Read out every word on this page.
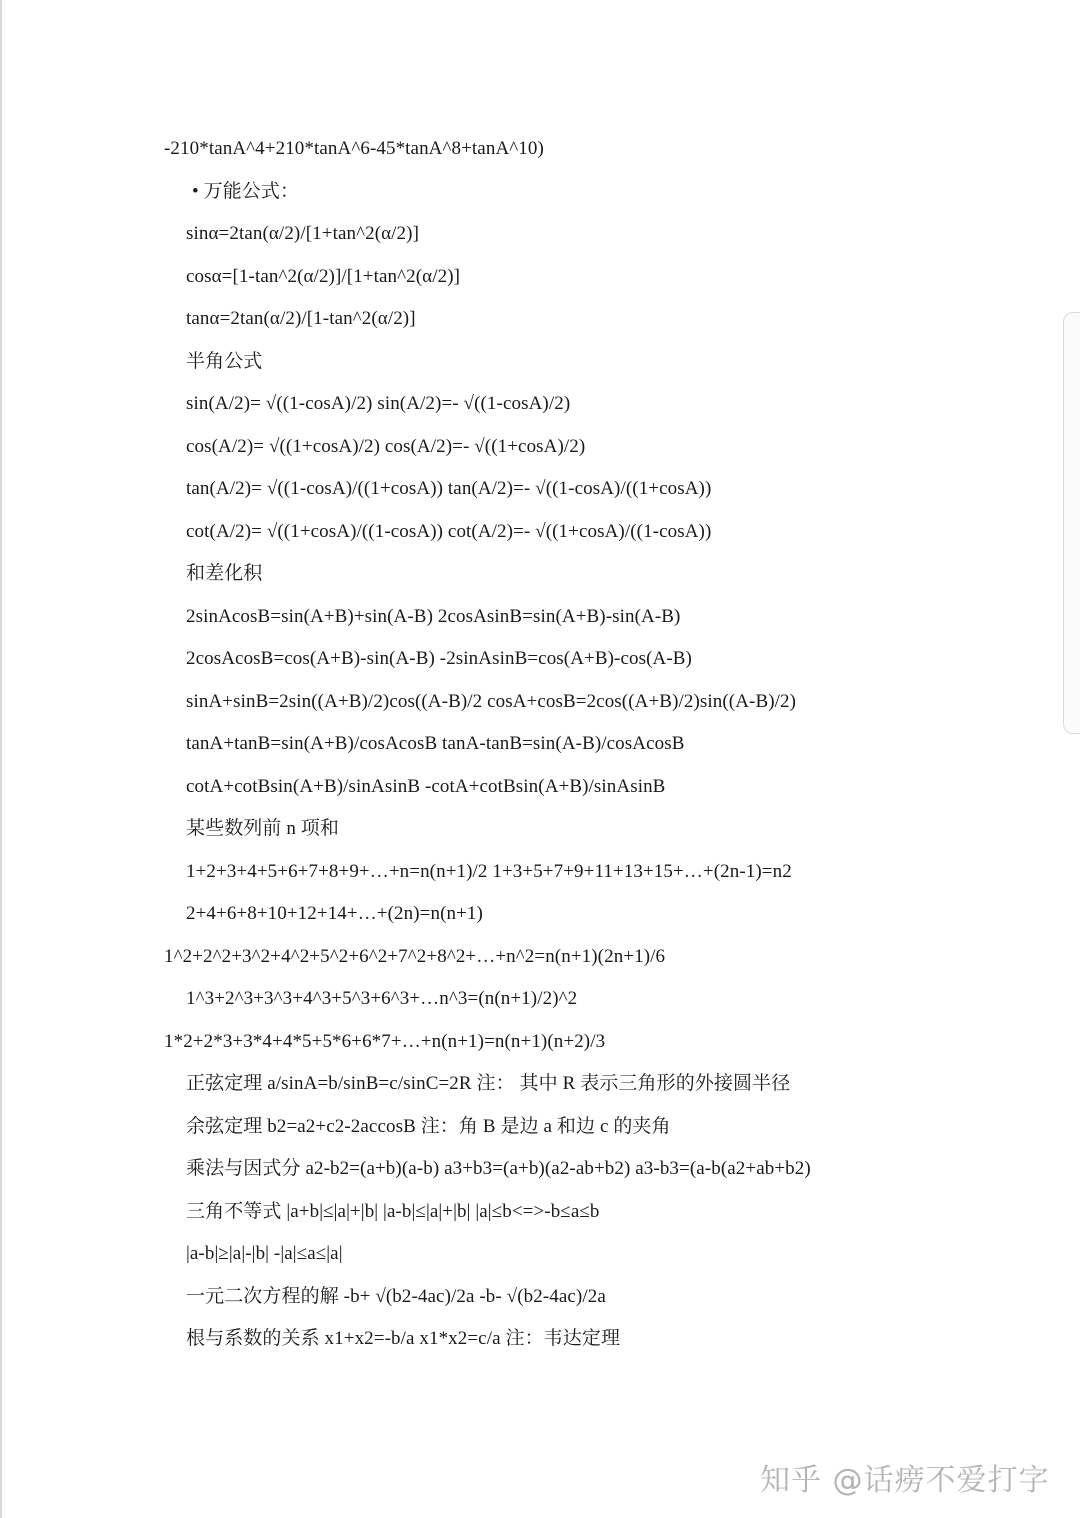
-210*tanA^4+210*tanA^6-45*tanA^8+tanA^10)
• 万能公式：
sinα=2tan(α/2)/[1+tan^2(α/2)]
cosα=[1-tan^2(α/2)]/[1+tan^2(α/2)]
tanα=2tan(α/2)/[1-tan^2(α/2)]
半角公式
sin(A/2)= √((1-cosA)/2) sin(A/2)=- √((1-cosA)/2)
cos(A/2)= √((1+cosA)/2) cos(A/2)=- √((1+cosA)/2)
tan(A/2)= √((1-cosA)/((1+cosA)) tan(A/2)=- √((1-cosA)/((1+cosA))
cot(A/2)= √((1+cosA)/((1-cosA)) cot(A/2)=- √((1+cosA)/((1-cosA))
和差化积
2sinAcosB=sin(A+B)+sin(A-B) 2cosAsinB=sin(A+B)-sin(A-B)
2cosAcosB=cos(A+B)-sin(A-B) -2sinAsinB=cos(A+B)-cos(A-B)
sinA+sinB=2sin((A+B)/2)cos((A-B)/2 cosA+cosB=2cos((A+B)/2)sin((A-B)/2)
tanA+tanB=sin(A+B)/cosAcosB tanA-tanB=sin(A-B)/cosAcosB
cotA+cotBsin(A+B)/sinAsinB -cotA+cotBsin(A+B)/sinAsinB
某些数列前 n 项和
1+2+3+4+5+6+7+8+9+…+n=n(n+1)/2 1+3+5+7+9+11+13+15+…+(2n-1)=n2
2+4+6+8+10+12+14+…+(2n)=n(n+1)
1^2+2^2+3^2+4^2+5^2+6^2+7^2+8^2+…+n^2=n(n+1)(2n+1)/6
1^3+2^3+3^3+4^3+5^3+6^3+…n^3=(n(n+1)/2)^2
1*2+2*3+3*4+4*5+5*6+6*7+…+n(n+1)=n(n+1)(n+2)/3
正弦定理 a/sinA=b/sinB=c/sinC=2R 注： 其中 R 表示三角形的外接圆半径
余弦定理 b2=a2+c2-2accosB 注：角 B 是边 a 和边 c 的夹角
乘法与因式分 a2-b2=(a+b)(a-b) a3+b3=(a+b)(a2-ab+b2) a3-b3=(a-b(a2+ab+b2)
三角不等式 |a+b|≤|a|+|b| |a-b|≤|a|+|b| |a|≤b<=>-b≤a≤b
|a-b|≥|a|-|b| -|a|≤a≤|a|
一元二次方程的解 -b+ √(b2-4ac)/2a -b- √(b2-4ac)/2a
根与系数的关系 x1+x2=-b/a x1*x2=c/a 注：韦达定理
知乎 @话痨不爱打字
